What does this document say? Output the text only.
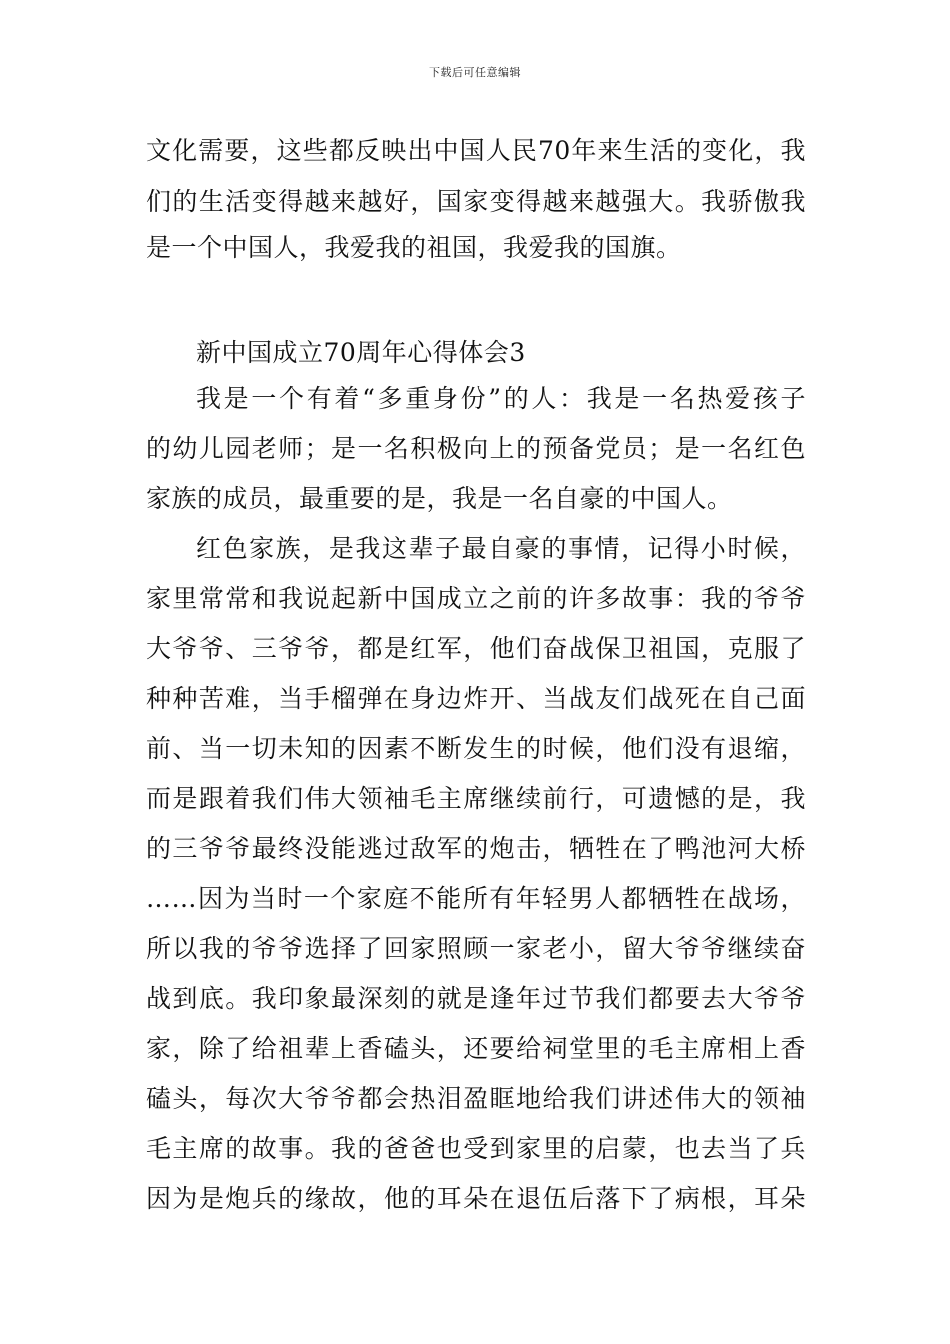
下载后可任意编辑
文化需要，这些都反映出中国人民70年来生活的变化，我
们的生活变得越来越好，国家变得越来越强大。我骄傲我
是一个中国人，我爱我的祖国，我爱我的国旗。
新中国成立70周年心得体会3
我是一个有着“多重身份”的人：我是一名热爱孩子
的幼儿园老师；是一名积极向上的预备党员；是一名红色
家族的成员，最重要的是，我是一名自豪的中国人。
红色家族，是我这辈子最自豪的事情，记得小时候，
家里常常和我说起新中国成立之前的许多故事：我的爷爷
大爷爷、三爷爷，都是红军，他们奋战保卫祖国，克服了
种种苦难，当手榴弹在身边炸开、当战友们战死在自己面
前、当一切未知的因素不断发生的时候，他们没有退缩，
而是跟着我们伟大领袖毛主席继续前行，可遗憾的是，我
的三爷爷最终没能逃过敌军的炮击，牺牲在了鸭池河大桥
……因为当时一个家庭不能所有年轻男人都牺牲在战场，
所以我的爷爷选择了回家照顾一家老小，留大爷爷继续奋
战到底。我印象最深刻的就是逢年过节我们都要去大爷爷
家，除了给祖辈上香磕头，还要给祠堂里的毛主席相上香
磕头，每次大爷爷都会热泪盈眶地给我们讲述伟大的领袖
毛主席的故事。我的爸爸也受到家里的启蒙，也去当了兵
因为是炮兵的缘故，他的耳朵在退伍后落下了病根，耳朵
